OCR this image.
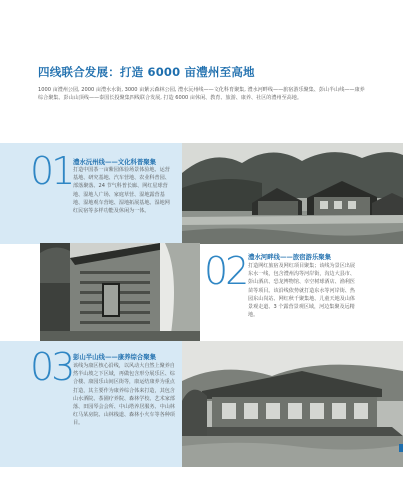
四线联合发展：打造 6000 亩澧州至高地
1000 亩澧州公园, 2000 亩澧水水街, 3000 亩紫云森林公园, 澧水沅州线——文化科育聚集, 澧水河畔线——旅宿游乐聚集、彭山半山线——康养综合聚集、彭山山顶线——泰国长投聚集四线联合发展, 打造 6000 亩休闲、教育、旅游、康养、社区的澧州至高地。
01 澧水沅州线——文化科普聚集
打造中国茶一亩紫园体验场景体验地、运营基地、研究基地、汽车营地、农业科普园、部落聚落、24 节气科普长廊、网红星球营地、湿地人广场、家庭草营、湿地露营基地、湿地观车营地、湿地拓展基地、湿地网红民宿等多样功能及休闲为一体。
02 澧水河畔线——旅宿游乐聚集
打造网红旅宿及网红项目聚集；该线为景区出展东水一线，包含澧州沟等河岸街，沟边大县市、彭山酒店、恐龙博物馆、幸空树球酒店、渔利医苗等项目。该沿线依势就打造东水等河岸街、热园东山岗站、网红秋千聚集地、儿童天地及山体景观走道、3 个露营景观区域，河边集聚及远精地。
03 彭山半山线——康养综合聚集
该线为康区核心沿线，以风动大自然上聚养自然半山坡之下区域，再做包含形分展乐区、综合楼、康园乐山间区街等，康运结康养为重点打造，其主要作为康养综合体来打造，其包含山水酒院、茶園疗养院、森林学校、艺术家部落、田园琴会会所、中山塔养居服务、中山林红马某房院、山林栈道、森林小火车等各种项目。
